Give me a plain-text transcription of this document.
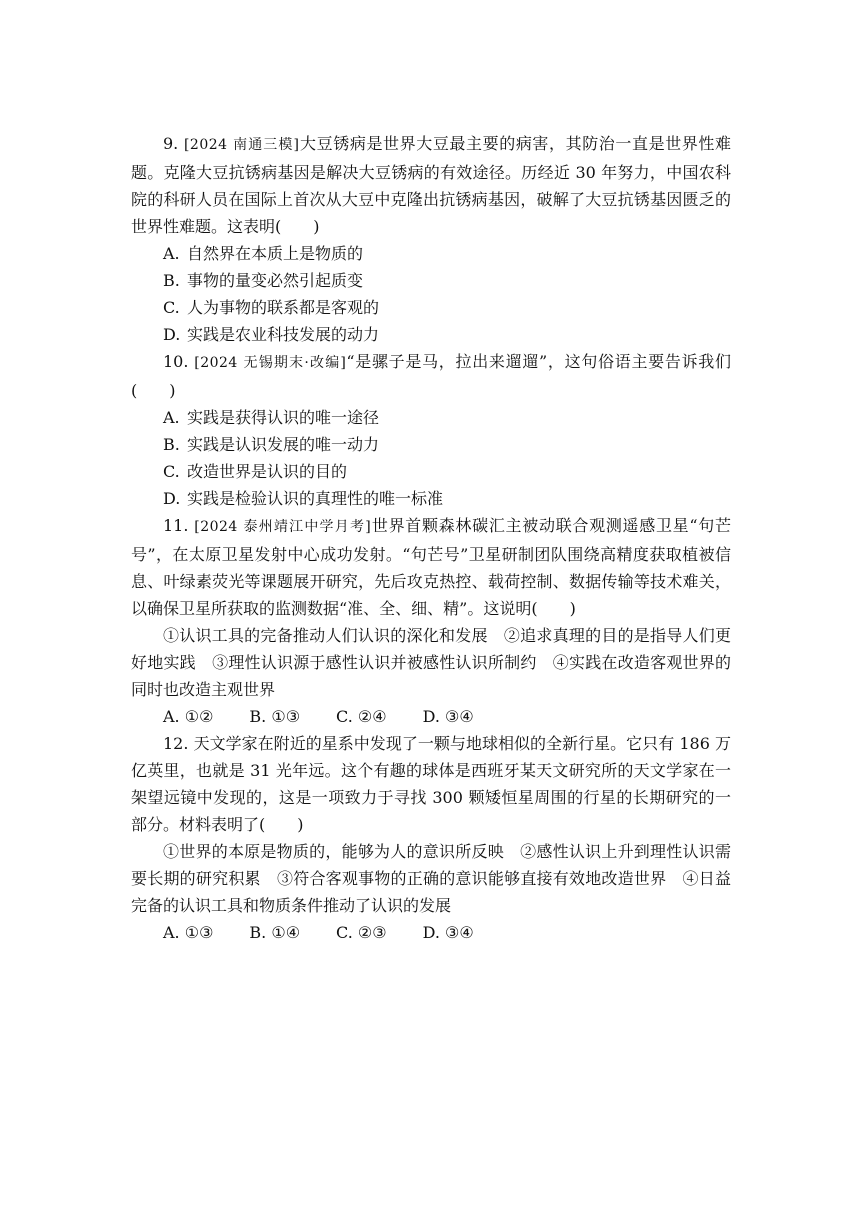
9. [2024 南通三模]大豆锈病是世界大豆最主要的病害，其防治一直是世界性难题。克隆大豆抗锈病基因是解决大豆锈病的有效途径。历经近 30 年努力，中国农科院的科研人员在国际上首次从大豆中克隆出抗锈病基因，破解了大豆抗锈基因匮乏的世界性难题。这表明(　　)

A. 自然界在本质上是物质的

B. 事物的量变必然引起质变

C. 人为事物的联系都是客观的

D. 实践是农业科技发展的动力

10. [2024 无锡期末·改编]“是骡子是马，拉出来遛遛”，这句俗语主要告诉我们(　　)

A. 实践是获得认识的唯一途径

B. 实践是认识发展的唯一动力

C. 改造世界是认识的目的

D. 实践是检验认识的真理性的唯一标准

11. [2024 泰州靖江中学月考]世界首颗森林碳汇主被动联合观测遥感卫星“句芒号”，在太原卫星发射中心成功发射。“句芒号”卫星研制团队围绕高精度获取植被信息、叶绿素荧光等课题展开研究，先后攻克热控、载荷控制、数据传输等技术难关，以确保卫星所获取的监测数据“准、全、细、精”。这说明(　　)

①认识工具的完备推动人们认识的深化和发展　②追求真理的目的是指导人们更好地实践　③理性认识源于感性认识并被感性认识所制约　④实践在改造客观世界的同时也改造主观世界

A. ①② B. ①③ C. ②④ D. ③④

12. 天文学家在附近的星系中发现了一颗与地球相似的全新行星。它只有 186 万亿英里，也就是 31 光年远。这个有趣的球体是西班牙某天文研究所的天文学家在一架望远镜中发现的，这是一项致力于寻找 300 颗矮恒星周围的行星的长期研究的一部分。材料表明了(　　)

①世界的本原是物质的，能够为人的意识所反映　②感性认识上升到理性认识需要长期的研究积累　③符合客观事物的正确的意识能够直接有效地改造世界　④日益完备的认识工具和物质条件推动了认识的发展

A. ①③ B. ①④ C. ②③ D. ③④
